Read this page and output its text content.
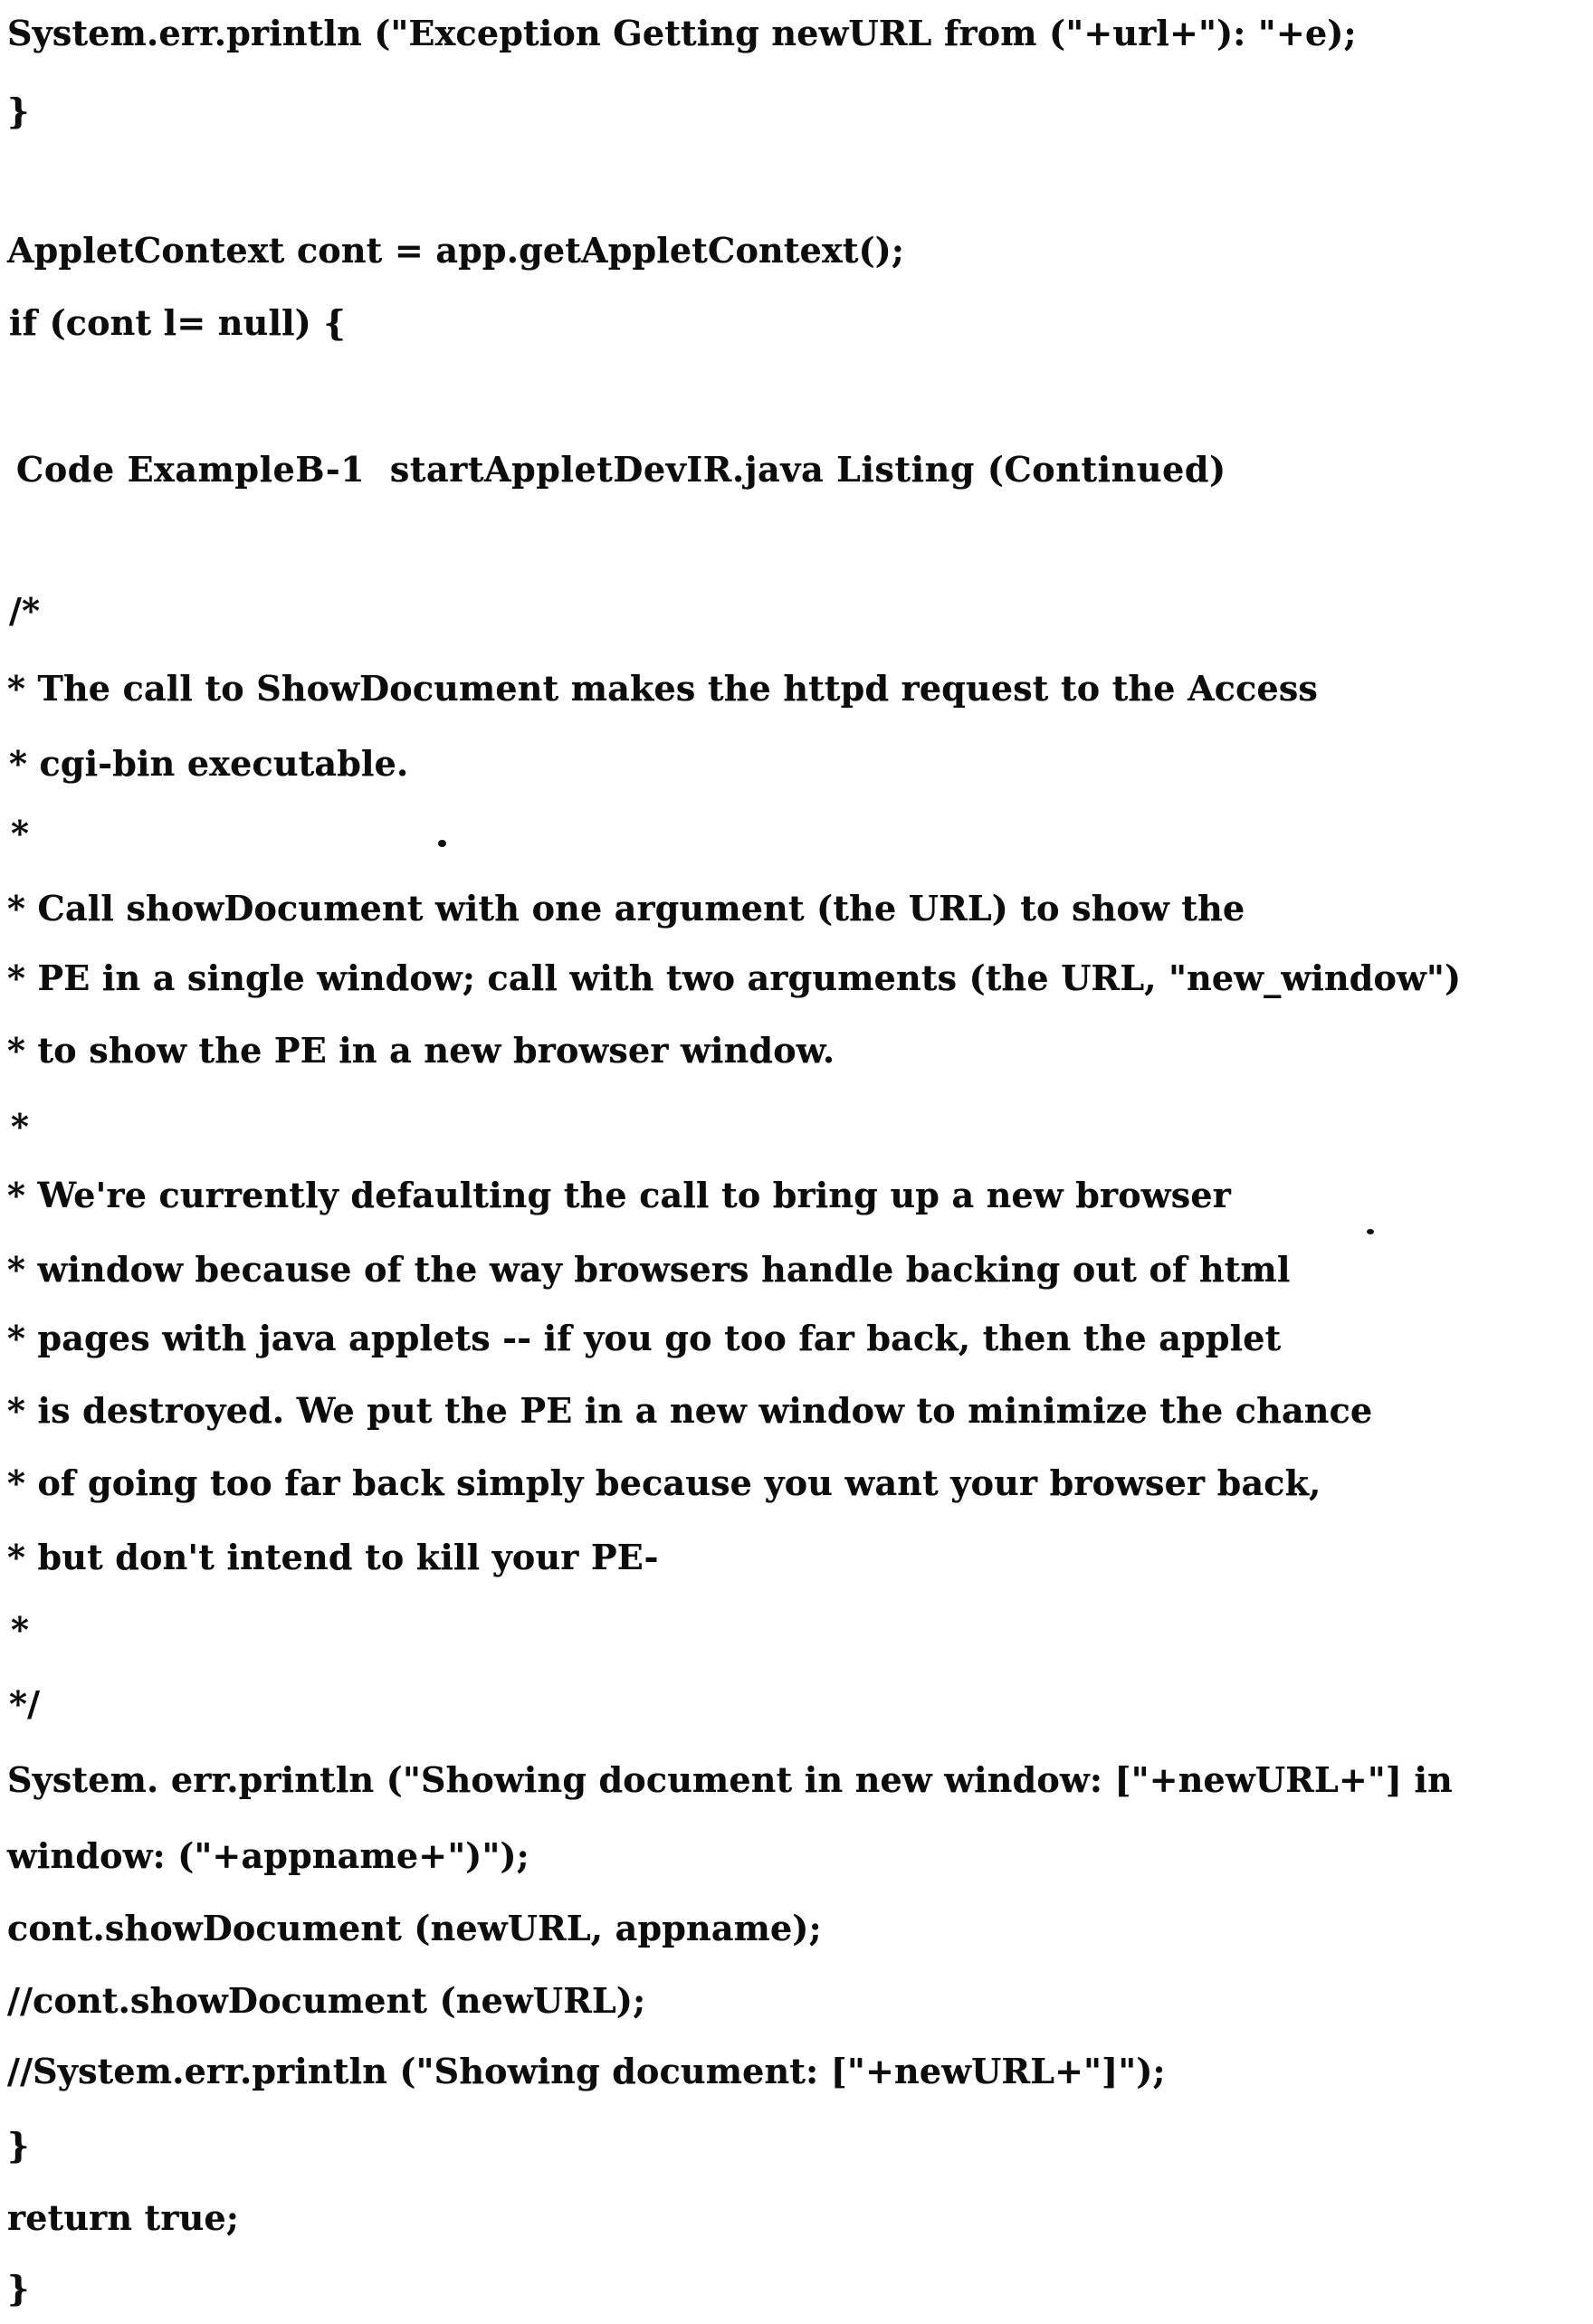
System.err.println ("Exception Getting newURL from ("+url+"): "+e);
}
AppletContext cont = app.getAppletContext();
if (cont l= null) {
Code ExampleB-1  startAppletDevIR.java Listing (Continued)
/*
* The call to ShowDocument makes the httpd request to the Access
* cgi-bin executable.
*
* Call showDocument with one argument (the URL) to show the
* PE in a single window; call with two arguments (the URL, "new_window")
* to show the PE in a new browser window.
*
* We're currently defaulting the call to bring up a new browser
* window because of the way browsers handle backing out of html
* pages with java applets -- if you go too far back, then the applet
* is destroyed. We put the PE in a new window to minimize the chance
* of going too far back simply because you want your browser back,
* but don't intend to kill your PE-
*
*/
System. err.println ("Showing document in new window: ["+newURL+"] in
window: ("+appname+")");
cont.showDocument (newURL, appname);
//cont.showDocument (newURL);
//System.err.println ("Showing document: ["+newURL+"]");
}
return true;
}
